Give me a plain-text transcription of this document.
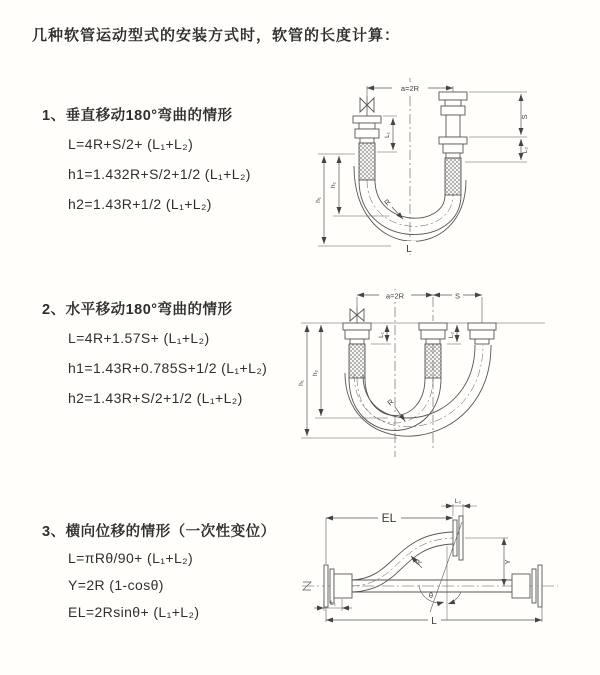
几种软管运动型式的安装方式时，软管的长度计算：
1、垂直移动180°弯曲的情形
L=4R+S/2+ (L₁+L₂)
h1=1.432R+S/2+1/2 (L₁+L₂)
h2=1.43R+1/2 (L₁+L₂)
2、水平移动180°弯曲的情形
L=4R+1.57S+ (L₁+L₂)
h1=1.43R+0.785S+1/2 (L₁+L₂)
h2=1.43R+S/2+1/2 (L₁+L₂)
3、横向位移的情形（一次性变位）
L=πRθ/90+ (L₁+L₂)
Y=2R (1-cosθ)
EL=2Rsinθ+ (L₁+L₂)
a=2R
S
L₁
L₂
h₁
h₂
R
L
a=2R	S
L₁	L₂
h₁
h₂
R
EL
L
Y
R
θ
L₁
L₂
